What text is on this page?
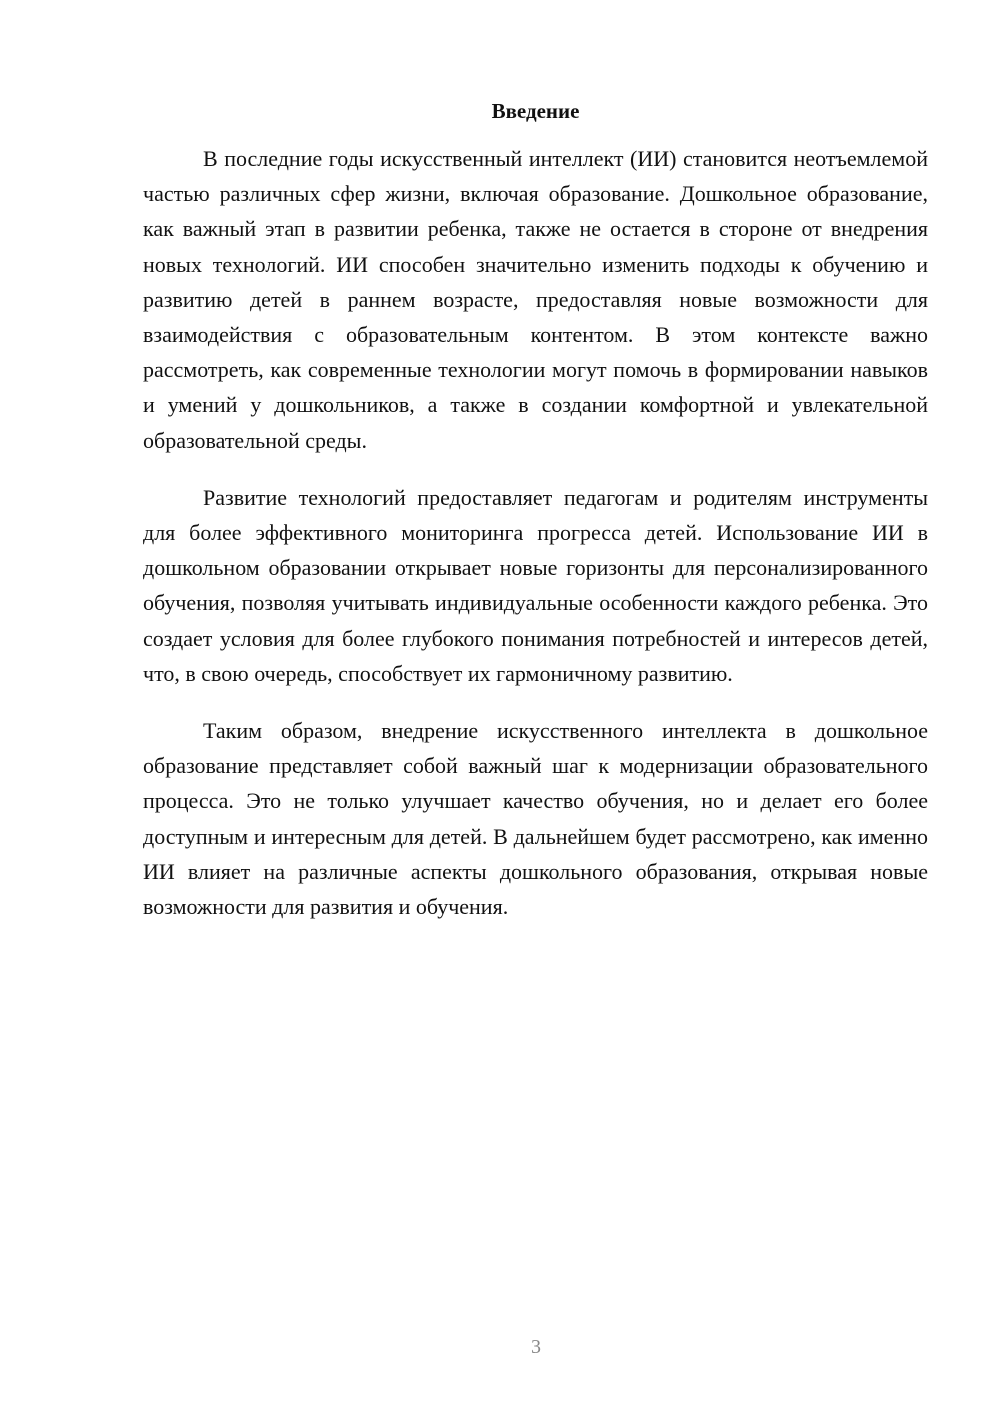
Введение

В последние годы искусственный интеллект (ИИ) становится неотъемлемой частью различных сфер жизни, включая образование. Дошкольное образование, как важный этап в развитии ребенка, также не остается в стороне от внедрения новых технологий. ИИ способен значительно изменить подходы к обучению и развитию детей в раннем возрасте, предоставляя новые возможности для взаимодействия с образовательным контентом. В этом контексте важно рассмотреть, как современные технологии могут помочь в формировании навыков и умений у дошкольников, а также в создании комфортной и увлекательной образовательной среды.

Развитие технологий предоставляет педагогам и родителям инструменты для более эффективного мониторинга прогресса детей. Использование ИИ в дошкольном образовании открывает новые горизонты для персонализированного обучения, позволяя учитывать индивидуальные особенности каждого ребенка. Это создает условия для более глубокого понимания потребностей и интересов детей, что, в свою очередь, способствует их гармоничному развитию.

Таким образом, внедрение искусственного интеллекта в дошкольное образование представляет собой важный шаг к модернизации образовательного процесса. Это не только улучшает качество обучения, но и делает его более доступным и интересным для детей. В дальнейшем будет рассмотрено, как именно ИИ влияет на различные аспекты дошкольного образования, открывая новые возможности для развития и обучения.

3
